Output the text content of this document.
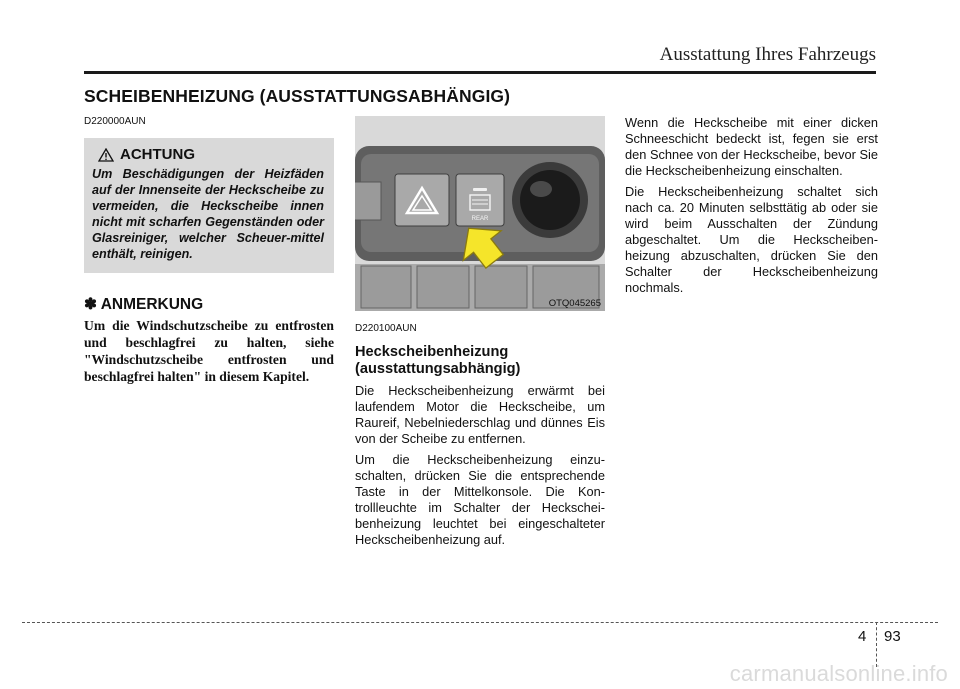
Ausstattung Ihres Fahrzeugs
SCHEIBENHEIZUNG (AUSSTATTUNGSABHÄNGIG)
D220000AUN
ACHTUNG
Um Beschädigungen der Heizfäden auf der Innenseite der Heckscheibe zu vermeiden, die Heckscheibe innen nicht mit scharfen Gegenständen oder Glasreiniger, welcher Scheuer-mittel enthält, reinigen.
✽ ANMERKUNG
Um die Windschutzscheibe zu entfrosten und beschlagfrei zu halten, siehe "Windschutzscheibe entfrosten und beschlagfrei halten" in diesem Kapitel.
REAR
OTQ045265
D220100AUN
Heckscheibenheizung (ausstattungsabhängig)

Die Heckscheibenheizung erwärmt bei laufendem Motor die Heckscheibe, um Raureif, Nebelniederschlag und dünnes Eis von der Scheibe zu entfernen.

Um die Heckscheibenheizung einzu-schalten, drücken Sie die entsprechende Taste in der Mittelkonsole. Die Kon-trollleuchte im Schalter der Heckschei-benheizung leuchtet bei eingeschalteter Heckscheibenheizung auf.

Wenn die Heckscheibe mit einer dicken Schneeschicht bedeckt ist, fegen sie erst den Schnee von der Heckscheibe, bevor Sie die Heckscheibenheizung einschalten.

Die Heckscheibenheizung schaltet sich nach ca. 20 Minuten selbsttätig ab oder sie wird beim Ausschalten der Zündung abgeschaltet. Um die Heckscheiben-heizung abzuschalten, drücken Sie den Schalter der Heckscheibenheizung nochmals.

4 93
carmanualsonline.info
